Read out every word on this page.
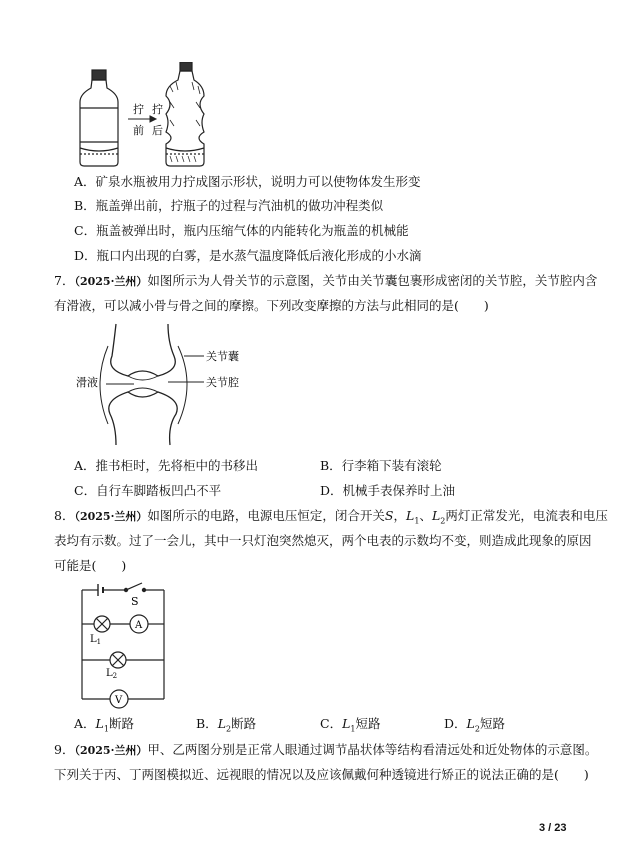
拧
前
拧
后
A．矿泉水瓶被用力拧成图示形状，说明力可以使物体发生形变
B．瓶盖弹出前，拧瓶子的过程与汽油机的做功冲程类似
C．瓶盖被弹出时，瓶内压缩气体的内能转化为瓶盖的机械能
D．瓶口内出现的白雾，是水蒸气温度降低后液化形成的小水滴
7．（2025·兰州）如图所示为人骨关节的示意图，关节由关节囊包裹形成密闭的关节腔，关节腔内含
有滑液，可以减小骨与骨之间的摩擦。下列改变摩擦的方法与此相同的是(　　)
关节囊
关节腔
滑液
A．推书柜时，先将柜中的书移出	B．行李箱下装有滚轮
C．自行车脚踏板凹凸不平	D．机械手表保养时上油
8．（2025·兰州）如图所示的电路，电源电压恒定，闭合开关S，$L_1$、$L_2$两灯正常发光，电流表和电压
表均有示数。过了一会儿，其中一只灯泡突然熄灭，两个电表的示数均不变，则造成此现象的原因
可能是(　　)
S
A
V
$L_1$
$L_2$
A．$L_1$断路	B．$L_2$断路	C．$L_1$短路	D．$L_2$短路
9．（2025·兰州）甲、乙两图分别是正常人眼通过调节晶状体等结构看清远处和近处物体的示意图。
下列关于丙、丁两图模拟近、远视眼的情况以及应该佩戴何种透镜进行矫正的说法正确的是(　　)
3 / 23
